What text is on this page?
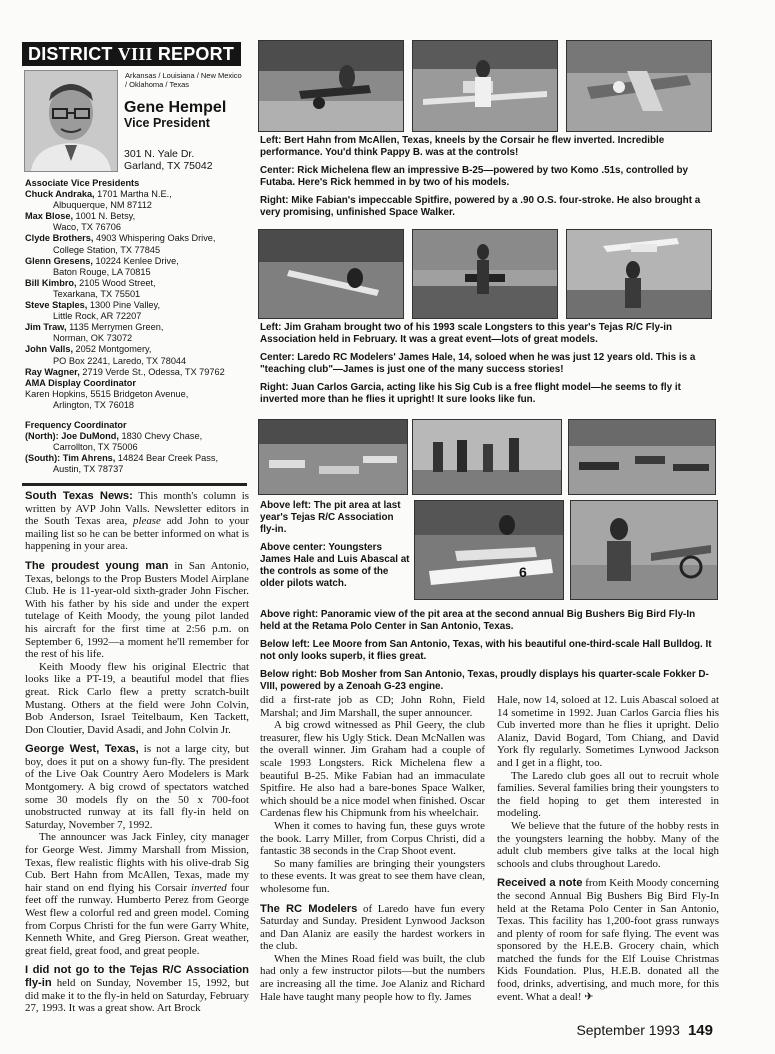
DISTRICT VIII REPORT
Arkansas / Louisiana / New Mexico / Oklahoma / Texas
Gene Hempel
Vice President
301 N. Yale Dr.
Garland, TX 75042
Associate Vice Presidents
Chuck Andraka, 1701 Martha N.E.,
Albuquerque, NM 87112
Max Blose, 1001 N. Betsy,
Waco, TX 76706
Clyde Brothers, 4903 Whispering Oaks Drive,
College Station, TX 77845
Glenn Gresens, 10224 Kenlee Drive,
Baton Rouge, LA 70815
Bill Kimbro, 2105 Wood Street,
Texarkana, TX 75501
Steve Staples, 1300 Pine Valley,
Little Rock, AR 72207
Jim Traw, 1135 Merrymen Green,
Norman, OK 73072
John Valls, 2052 Montgomery,
PO Box 2241, Laredo, TX 78044
Ray Wagner, 2719 Verde St., Odessa, TX 79762
AMA Display Coordinator
Karen Hopkins, 5515 Bridgeton Avenue,
Arlington, TX 76018
Frequency Coordinator
(North): Joe DuMond, 1830 Chevy Chase,
Carrollton, TX 75006
(South): Tim Ahrens, 14824 Bear Creek Pass,
Austin, TX 78737

South Texas News: This month's column is written by AVP John Valls. Newsletter editors in the South Texas area, please add John to your mailing list so he can be better informed on what is happening in your area.

The proudest young man in San Antonio, Texas, belongs to the Prop Busters Model Airplane Club. He is 11-year-old sixth-grader John Fischer. With his father by his side and under the expert tutelage of Keith Moody, the young pilot landed his aircraft for the first time at 2:56 p.m. on September 6, 1992—a moment he'll remember for the rest of his life.

Keith Moody flew his original Electric that looks like a PT-19, a beautiful model that flies great. Rick Carlo flew a pretty scratch-built Mustang. Others at the field were John Colvin, Bob Anderson, Israel Teitelbaum, Ken Tackett, Don Cloutier, David Asadi, and John Colvin Jr.

George West, Texas, is not a large city, but boy, does it put on a showy fun-fly. The president of the Live Oak Country Aero Modelers is Mark Montgomery. A big crowd of spectators watched some 30 models fly on the 50 x 700-foot unobstructed runway at its fall fly-in held on Saturday, November 7, 1992.

The announcer was Jack Finley, city manager for George West. Jimmy Marshall from Mission, Texas, flew realistic flights with his olive-drab Sig Cub. Bert Hahn from McAllen, Texas, made my hair stand on end flying his Corsair inverted four feet off the runway. Humberto Perez from George West flew a colorful red and green model. Coming from Corpus Christi for the fun were Garry White, Kenneth White, and Greg Pierson. Great weather, great field, great food, and great people.

I did not go to the Tejas R/C Association fly-in held on Sunday, November 15, 1992, but did make it to the fly-in held on Saturday, February 27, 1993. It was a great show. Art Brock

did a first-rate job as CD; John Rohn, Field Marshal; and Jim Marshall, the super announcer.

A big crowd witnessed as Phil Geery, the club treasurer, flew his Ugly Stick. Dean McNallen was the overall winner. Jim Graham had a couple of scale 1993 Longsters. Rick Michelena flew a beautiful B-25. Mike Fabian had an immaculate Spitfire. He also had a bare-bones Space Walker, which should be a nice model when finished. Oscar Cardenas flew his Chipmunk from his wheelchair.

When it comes to having fun, these guys wrote the book. Larry Miller, from Corpus Christi, did a fantastic 38 seconds in the Crap Shoot event.

So many families are bringing their youngsters to these events. It was great to see them have clean, wholesome fun.

The RC Modelers of Laredo have fun every Saturday and Sunday. President Lynwood Jackson and Dan Alaniz are easily the hardest workers in the club.

When the Mines Road field was built, the club had only a few instructor pilots—but the numbers are increasing all the time. Joe Alaniz and Richard Hale have taught many people how to fly. James

Hale, now 14, soloed at 12. Luis Abascal soloed at 14 sometime in 1992. Juan Carlos Garcia flies his Cub inverted more than he flies it upright. Delio Alaniz, David Bogard, Tom Chiang, and David York fly regularly. Sometimes Lynwood Jackson and I get in a flight, too.

The Laredo club goes all out to recruit whole families. Several families bring their youngsters to the field hoping to get them interested in modeling.

We believe that the future of the hobby rests in the youngsters learning the hobby. Many of the adult club members give talks at the local high schools and clubs throughout Laredo.

Received a note from Keith Moody concerning the second Annual Big Bushers Big Bird Fly-In held at the Retama Polo Center in San Antonio, Texas. This facility has 1,200-foot grass runways and plenty of room for safe flying. The event was sponsored by the H.E.B. Grocery chain, which matched the funds for the Elf Louise Christmas Kids Foundation. Plus, H.E.B. donated all the food, drinks, advertising, and much more, for this event. What a deal! ✈

Left: Bert Hahn from McAllen, Texas, kneels by the Corsair he flew inverted. Incredible performance. You'd think Pappy B. was at the controls!

Center: Rick Michelena flew an impressive B-25—powered by two Komo .51s, controlled by Futaba. Here's Rick hemmed in by two of his models.

Right: Mike Fabian's impeccable Spitfire, powered by a .90 O.S. four-stroke. He also brought a very promising, unfinished Space Walker.

Left: Jim Graham brought two of his 1993 scale Longsters to this year's Tejas R/C Fly-in Association held in February. It was a great event—lots of great models.

Center: Laredo RC Modelers' James Hale, 14, soloed when he was just 12 years old. This is a "teaching club"—James is just one of the many success stories!

Right: Juan Carlos Garcia, acting like his Sig Cub is a free flight model—he seems to fly it inverted more than he flies it upright! It sure looks like fun.

Above left: The pit area at last year's Tejas R/C Association fly-in.

Above center: Youngsters James Hale and Luis Abascal at the controls as some of the older pilots watch.

6

Above right: Panoramic view of the pit area at the second annual Big Bushers Big Bird Fly-In held at the Retama Polo Center in San Antonio, Texas.

Below left: Lee Moore from San Antonio, Texas, with his beautiful one-third-scale Hall Bulldog. It not only looks superb, it flies great.

Below right: Bob Mosher from San Antonio, Texas, proudly displays his quarter-scale Fokker D-VIII, powered by a Zenoah G-23 engine.

September 1993 149
